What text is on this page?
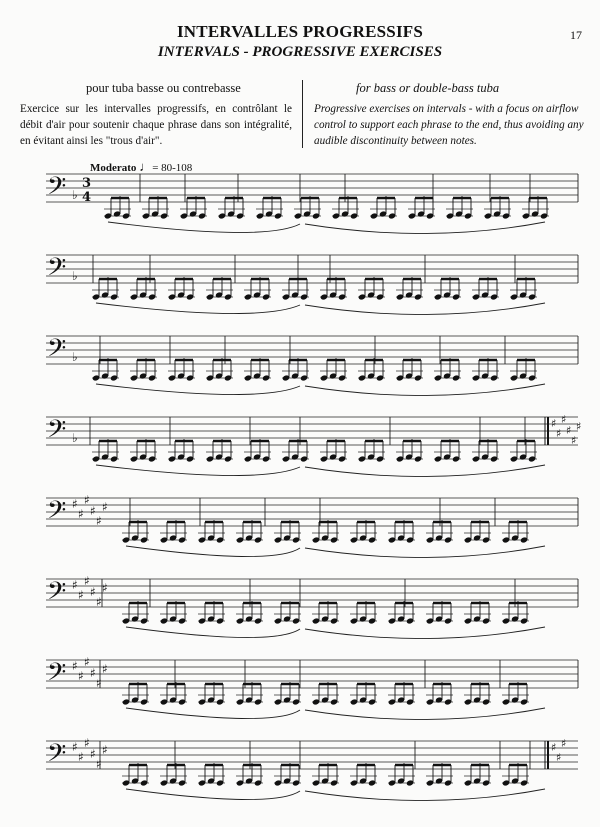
17
INTERVALLES PROGRESSIFS
INTERVALS - PROGRESSIVE EXERCISES
pour tuba basse ou contrebasse	for bass or double-bass tuba
Exercice sur les intervalles progressifs, en contrôlant le débit d'air pour soutenir chaque phrase dans son intégralité, en évitant ainsi les "trous d'air".
Progressive exercises on intervals - with a focus on airflow control to support each phrase to the end, thus avoiding any audible discontinuity between notes.
Moderato ♩= 80-108
𝄢 ♭
3
4
𝄢 ♭
𝄢 ♭
𝄢 ♭
♯
♯
♯
♯
♯
♯
𝄢 ♯
♯
♯
♯
♯
♯
𝄢 ♯
♯
♯
♯
♯
♯
𝄢 ♯
♯
♯
♯
♯
♯
𝄢 ♯
♯
♯
♯
♯
♯	♯
♯
♯
